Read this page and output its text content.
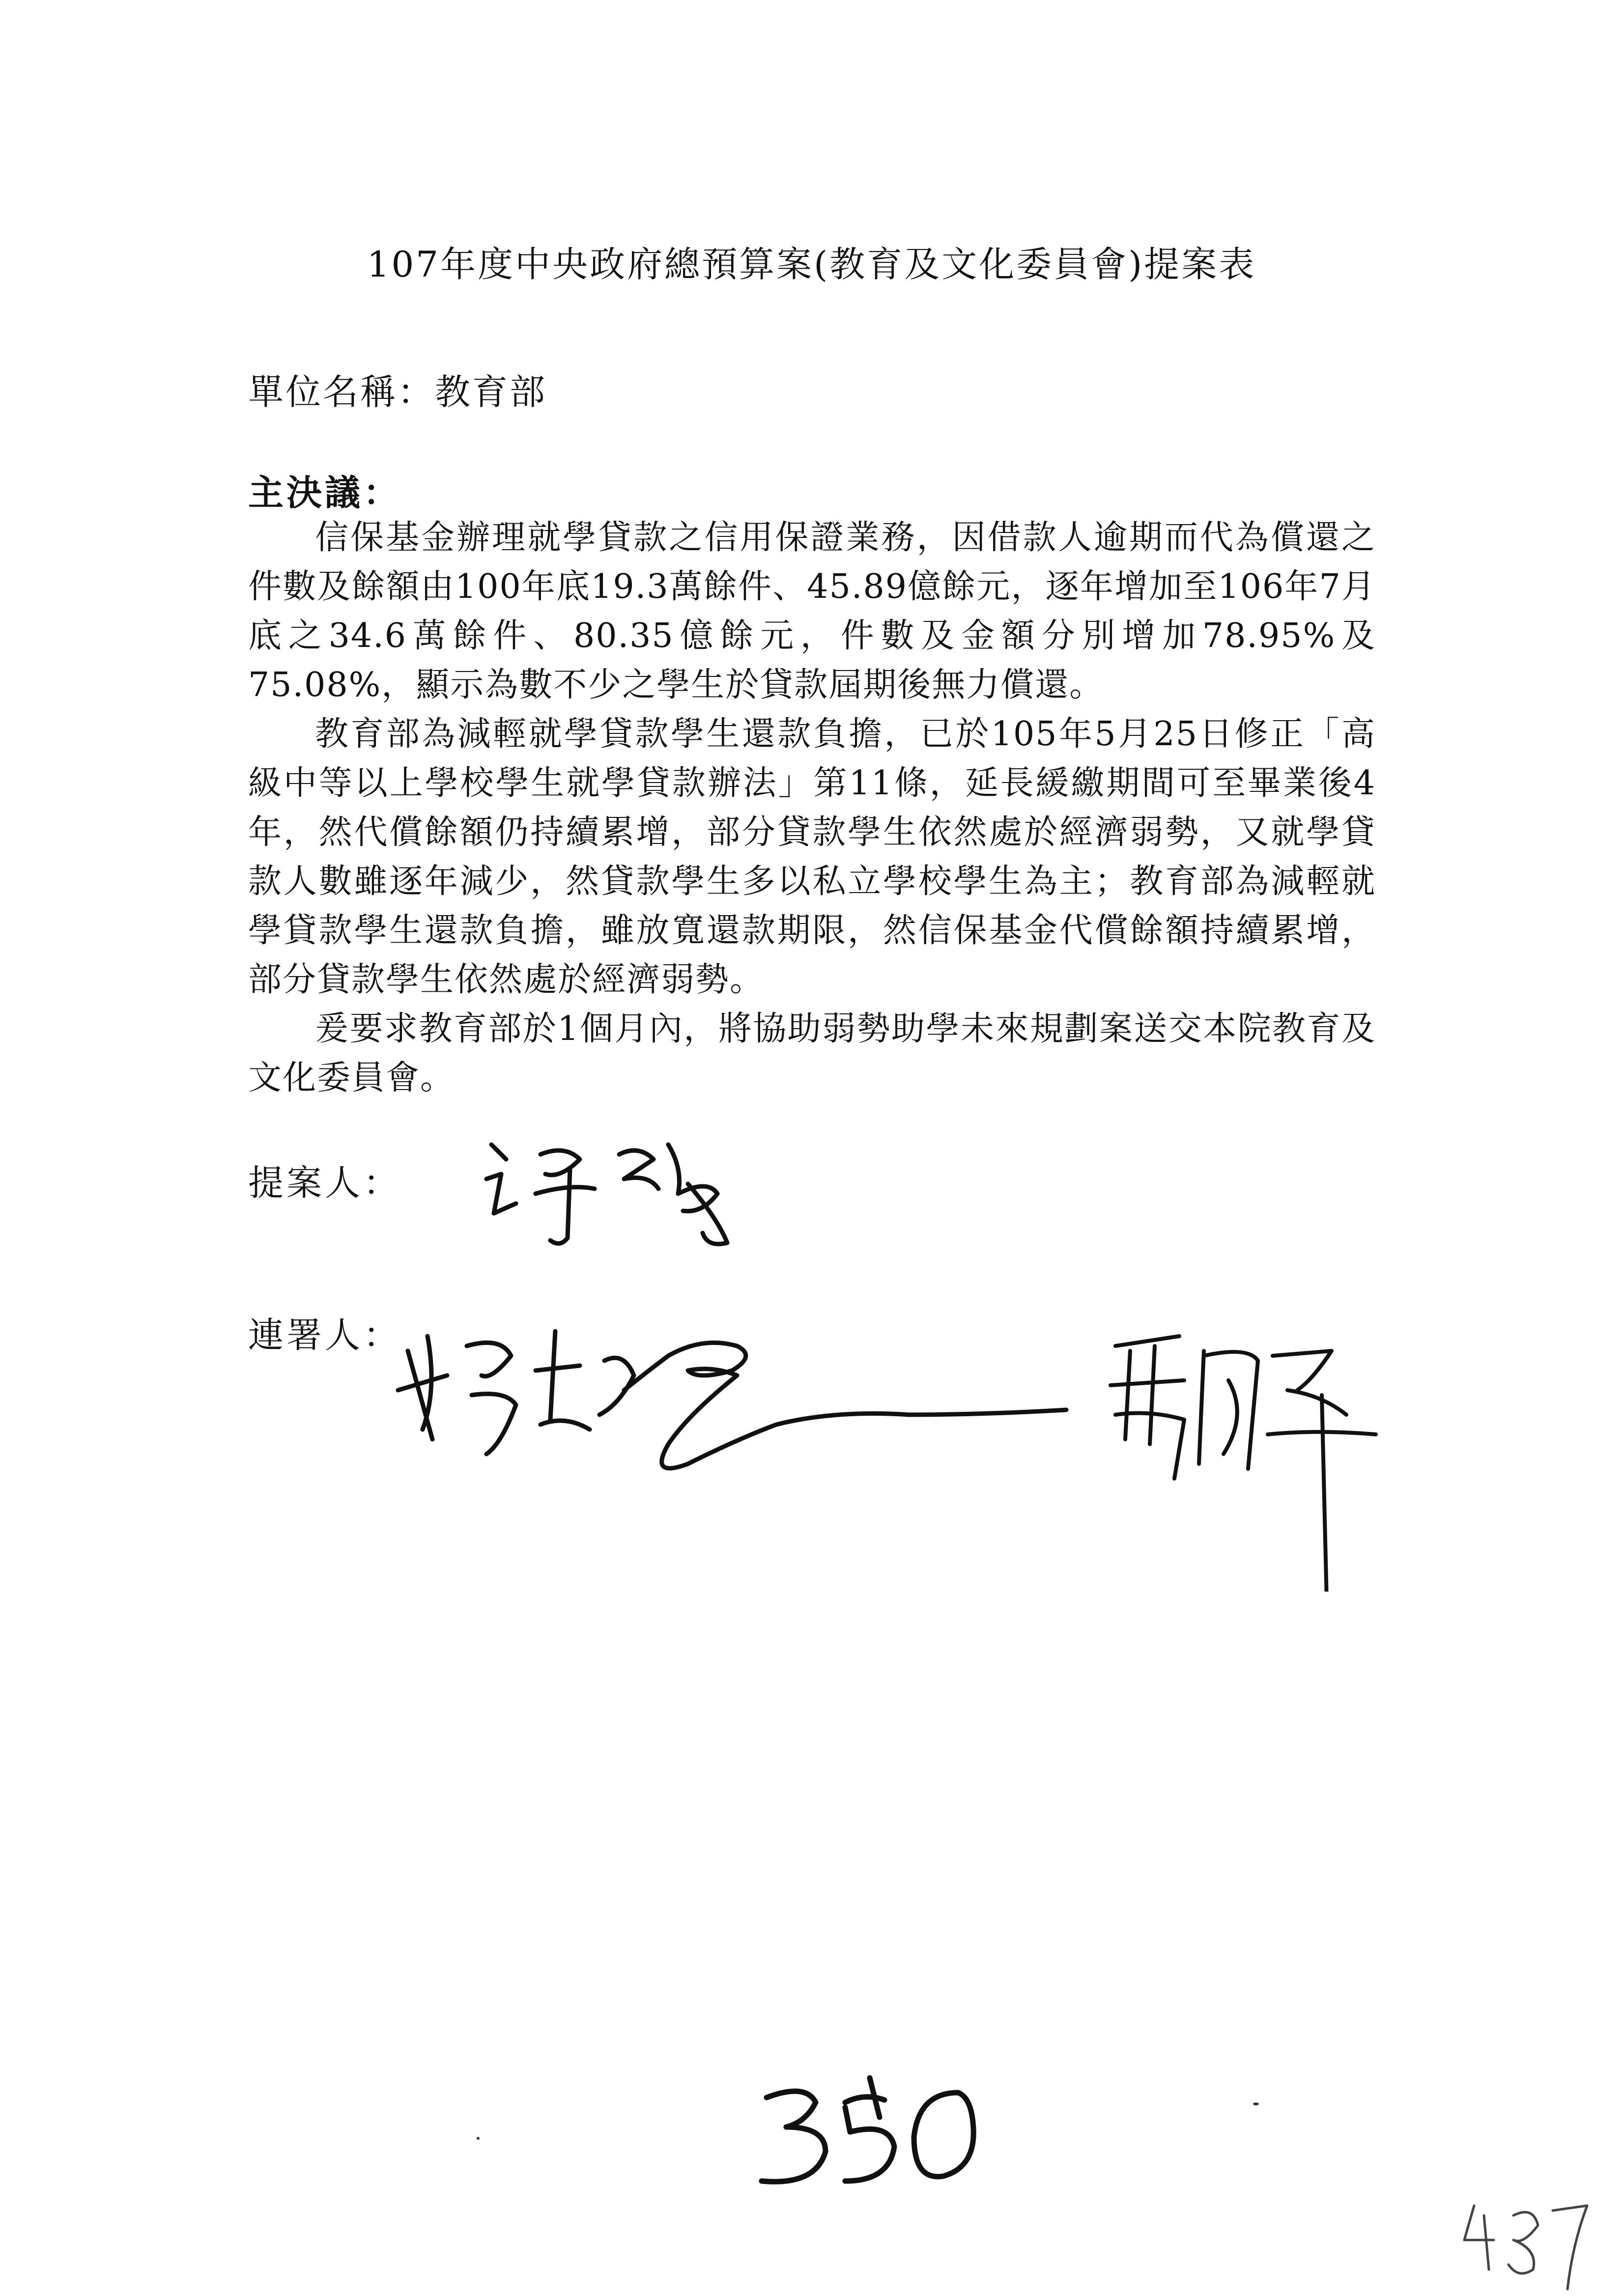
107年度中央政府總預算案(教育及文化委員會)提案表
單位名稱：教育部
主決議：

信保基金辦理就學貸款之信用保證業務，因借款人逾期而代為償還之件數及餘額由100年底19.3萬餘件、45.89億餘元，逐年增加至106年7月底之34.6萬餘件、80.35億餘元，件數及金額分別增加78.95%及75.08%，顯示為數不少之學生於貸款屆期後無力償還。

教育部為減輕就學貸款學生還款負擔，已於105年5月25日修正「高級中等以上學校學生就學貸款辦法」第11條，延長緩繳期間可至畢業後4年，然代償餘額仍持續累增，部分貸款學生依然處於經濟弱勢，又就學貸款人數雖逐年減少，然貸款學生多以私立學校學生為主；教育部為減輕就學貸款學生還款負擔，雖放寬還款期限，然信保基金代償餘額持續累增，部分貸款學生依然處於經濟弱勢。

爰要求教育部於1個月內，將協助弱勢助學未來規劃案送交本院教育及文化委員會。

提案人：
連署人：
